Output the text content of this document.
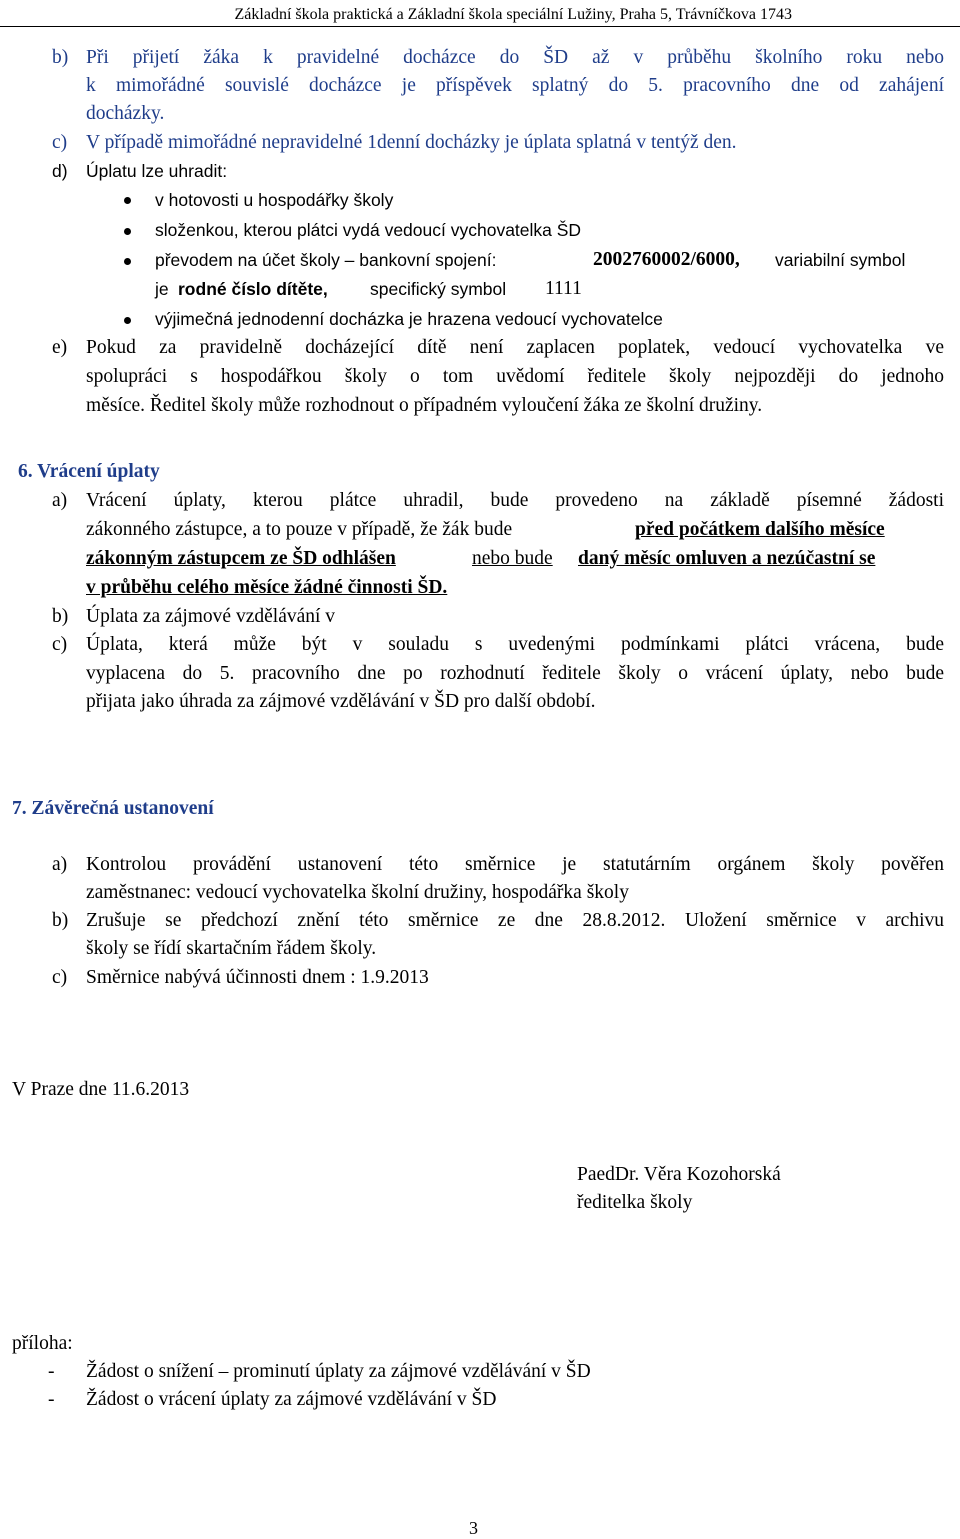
Základní škola praktická a Základní škola speciální Lužiny, Praha 5, Trávníčkova 1743
b) Při přijetí žáka k pravidelné docházce do ŠD až v průběhu školního roku nebo
k mimořádné souvislé docházce je příspěvek splatný do 5. pracovního dne od zahájení
docházky.
c) V případě mimořádné nepravidelné 1denní docházky je úplata splatná v tentýž den.
d) Úplatu lze uhradit:
v hotovosti u hospodářky školy
složenkou, kterou plátci vydá vedoucí vychovatelka ŠD
převodem na účet školy – bankovní spojení:	2002760002/6000, variabilní symbol
je rodné číslo dítěte, specifický symbol 1111
výjimečná jednodenní docházka je hrazena vedoucí vychovatelce
e) Pokud za pravidelně docházející dítě není zaplacen poplatek, vedoucí vychovatelka ve
spolupráci s hospodářkou školy o tom uvědomí ředitele školy nejpozději do jednoho
měsíce. Ředitel školy může rozhodnout o případném vyloučení žáka ze školní družiny.
6. Vrácení úplaty
a) Vrácení úplaty, kterou plátce uhradil, bude provedeno na základě písemné žádosti
zákonného zástupce, a to pouze v případě, že žák bude	před počátkem dalšího měsíce
zákonným zástupcem ze ŠD odhlášen	nebo bude daný měsíc omluven a nezúčastní se
v průběhu celého měsíce žádné činnosti ŠD.
b) Úplata za zájmové vzdělávání v
c) Úplata, která může být v souladu s uvedenými podmínkami plátci vrácena, bude
vyplacena do 5. pracovního dne po rozhodnutí ředitele školy o vrácení úplaty, nebo bude
přijata jako úhrada za zájmové vzdělávání v ŠD pro další období.
7. Závěrečná ustanovení
a) Kontrolou provádění ustanovení této směrnice je statutárním orgánem školy pověřen
zaměstnanec: vedoucí vychovatelka školní družiny, hospodářka školy
b) Zrušuje se předchozí znění této směrnice ze dne 28.8.2012. Uložení směrnice v archivu
školy se řídí skartačním řádem školy.
c) Směrnice nabývá účinnosti dnem : 1.9.2013
V Praze dne 11.6.2013
PaedDr. Věra Kozohorská
ředitelka školy
příloha:
- Žádost o snížení – prominutí úplaty za zájmové vzdělávání v ŠD
- Žádost o vrácení úplaty za zájmové vzdělávání v ŠD
3
